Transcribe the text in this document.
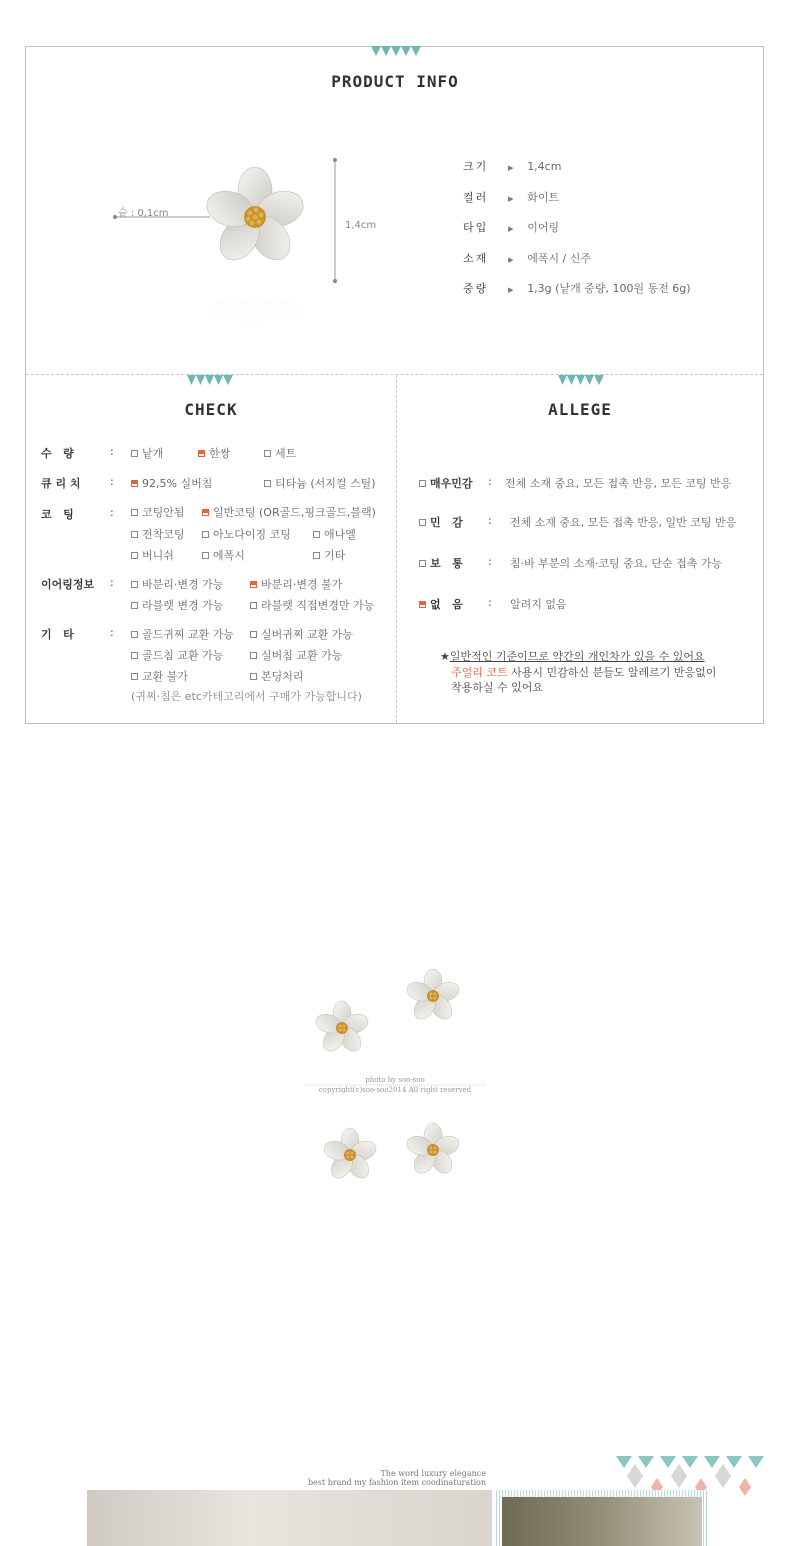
PRODUCT INFO
숱 : 0,1cm
1,4cm
크기	▶ 1,4cm
컬러	▶ 화이트
타입	▶ 이어링
소재	▶ 에폭시 / 신주
중량	▶ 1,3g (낱개 중량, 100원 동전 6g)
CHECK
수   량	:	낱개	한쌍	세트
큐 리 치	:	92,5% 실버침	티타늄 (서지컬 스틸)
코   팅	:	코팅안됨	일반코팅 (OR골드,핑크골드,블랙)
전착코팅	아노다이징 코팅	애나멜
버니쉬	에폭시	기타
이어링정보 :	바분리·변경 가능	바분리·변경 불가
라블렛 변경 가능	라블렛 직접변경만 가능
기   타	:	골드귀찌 교환 가능	실버귀찌 교환 가능
골드침 교환 가능	실버침 교환 가능
교환 불가	본딩처리
(귀찌·침은 etc카테고리에서 구매가 가능합니다)
ALLEGE
매우민감 : 전체 소재 중요, 모든 접촉 반응, 모든 코팅 반응
민   감 : 전체 소재 중요, 모든 접촉 반응, 일반 코팅 반응
보   통 : 침·바 부분의 소재·코팅 중요, 단순 접촉 가능
없   음 : 알려지 없음
★일반적인 기준이므로 약간의 개인차가 있을 수 있어요
주얼리 코트 사용시 민감하신 분들도 알레르기 반응없이
착용하실 수 있어요
photo by soo-soo
copyright(c)soo-soo2014 All right reserved
The word luxury elegance
best brand my fashion item coodinaturation
